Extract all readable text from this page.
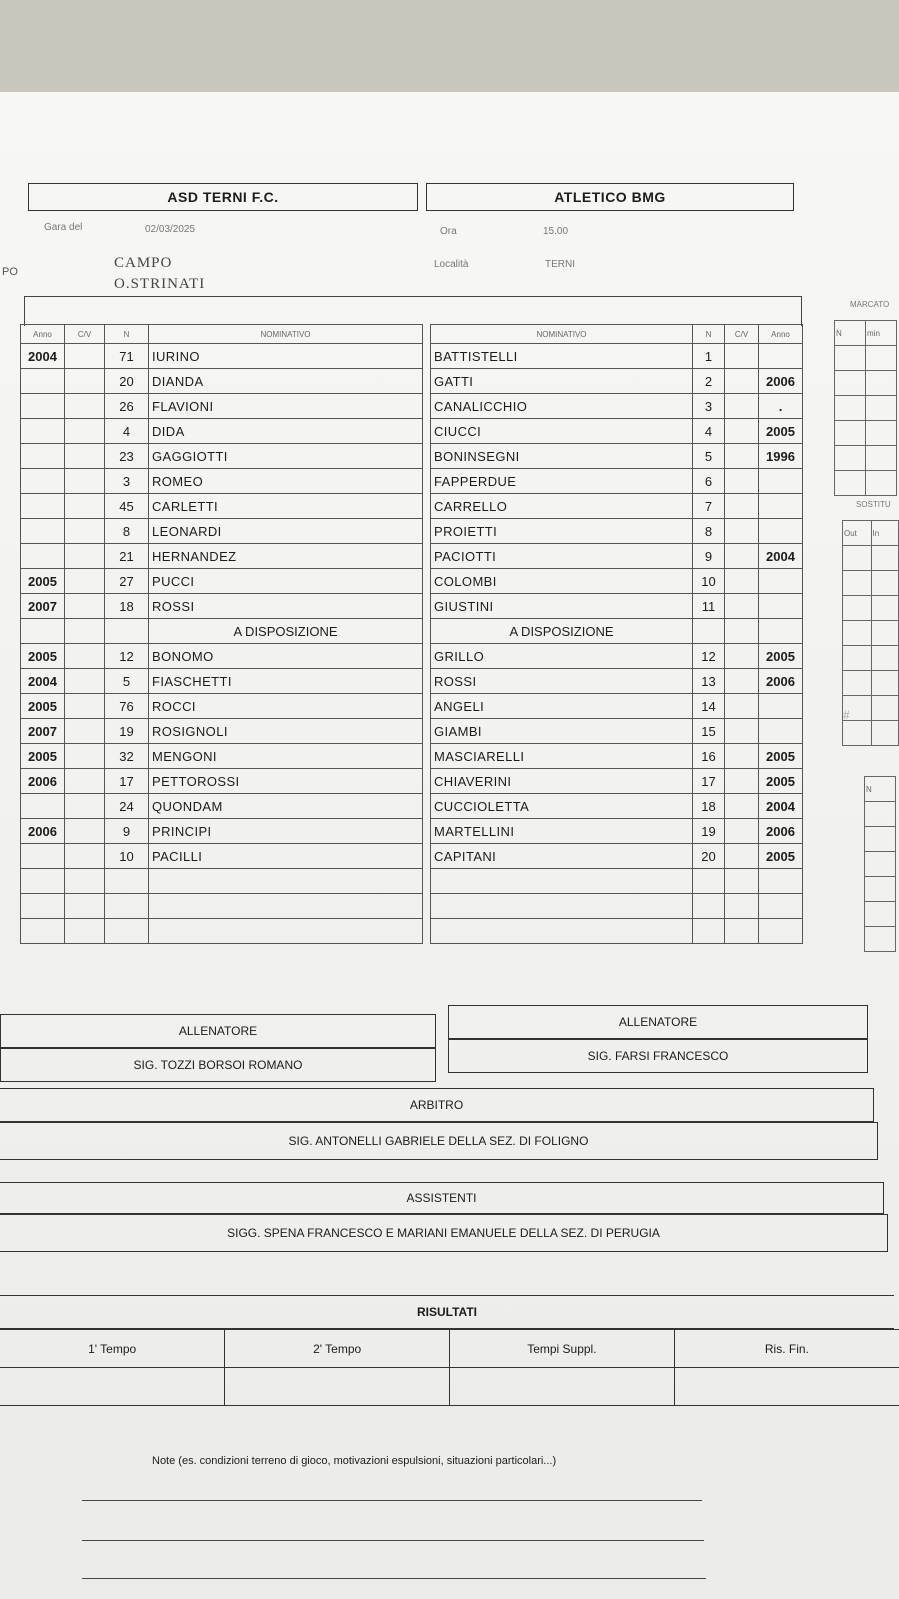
ASD TERNI F.C.	ATLETICO BMG
Gara del	02/03/2025	Ora	15.00
PO
CAMPO
O.STRINATI
Località	TERNI
Anno	C/V	N	NOMINATIVO
2004		71	IURINO
		20	DIANDA
		26	FLAVIONI
		4	DIDA
		23	GAGGIOTTI
		3	ROMEO
		45	CARLETTI
		8	LEONARDI
		21	HERNANDEZ
2005		27	PUCCI
2007		18	ROSSI
			A DISPOSIZIONE
2005		12	BONOMO
2004		5	FIASCHETTI
2005		76	ROCCI
2007		19	ROSIGNOLI
2005		32	MENGONI
2006		17	PETTOROSSI
		24	QUONDAM
2006		9	PRINCIPI
		10	PACILLI

NOMINATIVO	N	C/V	Anno
BATTISTELLI	1		
GATTI	2		2006
CANALICCHIO	3		.
CIUCCI	4		2005
BONINSEGNI	5		1996
FAPPERDUE	6		
CARRELLO	7		
PROIETTI	8		
PACIOTTI	9		2004
COLOMBI	10		
GIUSTINI	11		
A DISPOSIZIONE			
GRILLO	12		2005
ROSSI	13		2006
ANGELI	14		
GIAMBI	15		
MASCIARELLI	16		2005
CHIAVERINI	17		2005
CUCCIOLETTA	18		2004
MARTELLINI	19		2006
CAPITANI	20		2005

MARCATO
N	min

SOSTITU
Out	In

#
N

ALLENATORE
SIG. TOZZI BORSOI ROMANO
ALLENATORE
SIG. FARSI FRANCESCO
ARBITRO
SIG. ANTONELLI GABRIELE DELLA SEZ. DI FOLIGNO
ASSISTENTI
SIGG. SPENA FRANCESCO E MARIANI EMANUELE DELLA SEZ. DI PERUGIA
RISULTATI
1' Tempo	2' Tempo	Tempi Suppl.	Ris. Fin.

Note (es. condizioni terreno di gioco, motivazioni espulsioni, situazioni particolari...)
